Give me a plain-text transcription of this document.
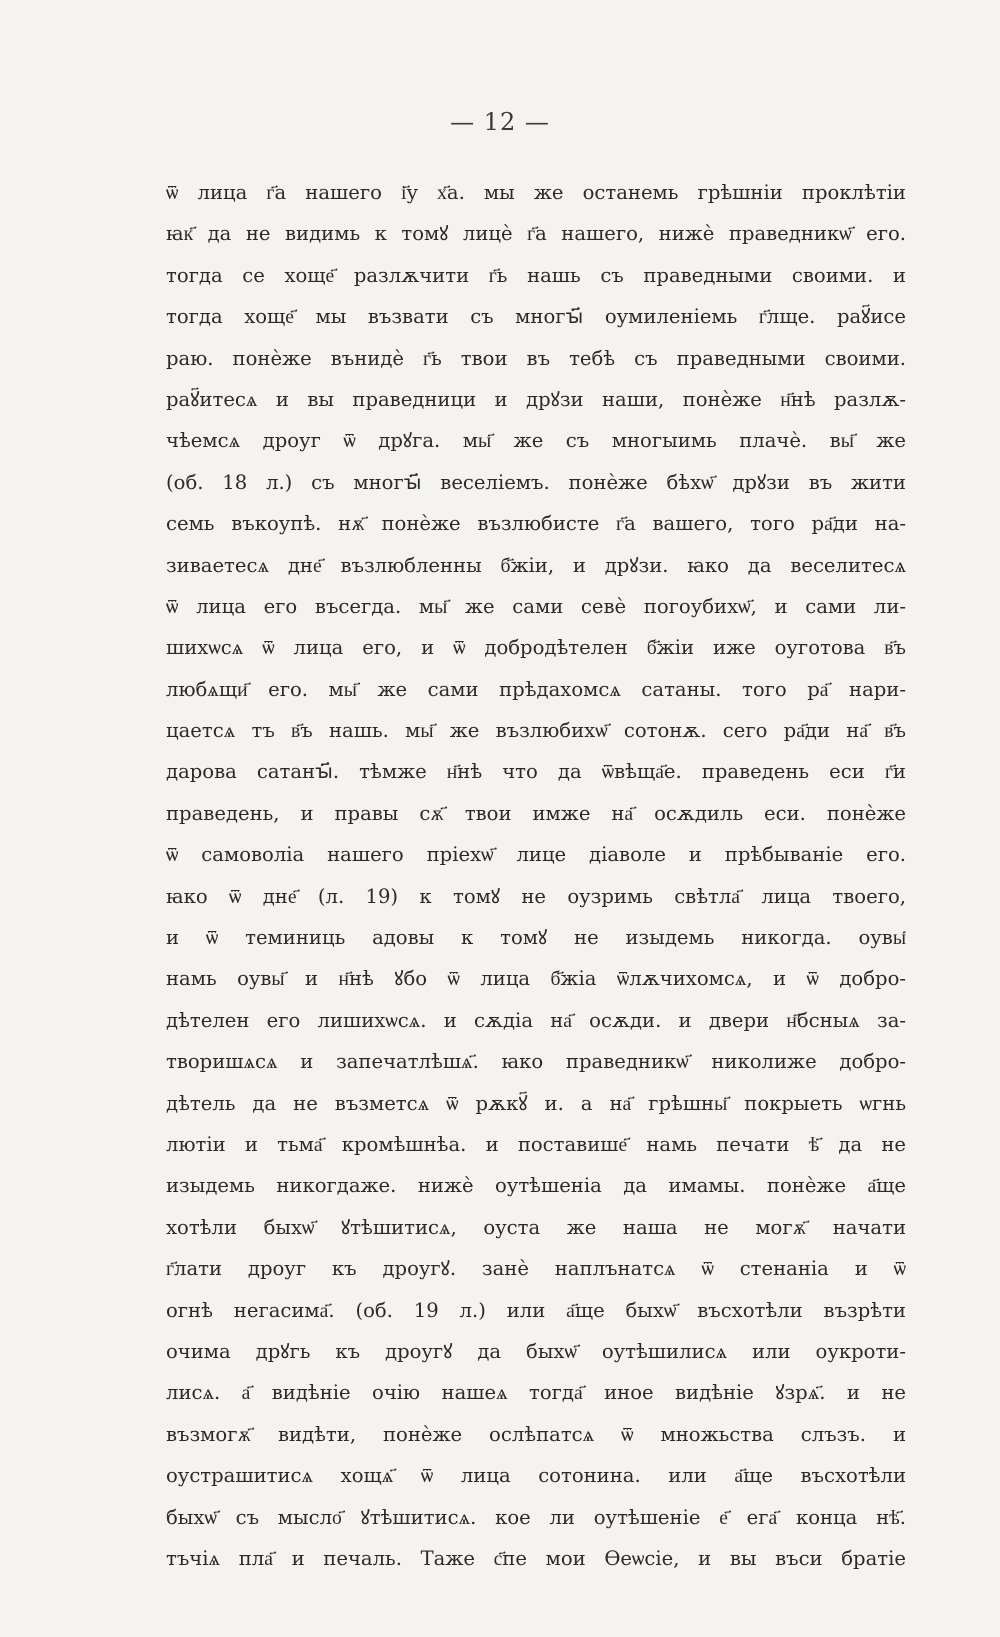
— 12 —
ѿ лица г҃а нашего і҃у х҃а. мы же останемь грѣшніи проклѣтіи
ꙗк҃ да не видимь к томꙋ лицѐ г҃а нашего, нижѐ праведникѡ҃ его.
тогда се хоще҃ разлѫчити г҃ь нашь съ праведными своими. и
тогда хоще҃ мы възвати съ многꙑ҃ оумиленіемь г҃лще. раꙋ҃исе
раю. понѐже вънидѐ г҃ь твои въ тебѣ съ праведными своими.
раꙋ҃итесѧ и вы праведници и дрꙋзи наши, понѐже н҃нѣ разлѫ-
чѣемсѧ дроуг ѿ дрꙋга. мы҃ же съ многыимь плачѐ. вы҃ же
(об. 18 л.) съ многꙑ҃ веселіемъ. понѐже бѣхѡ҃ дрꙋзи въ жити
семь въкоупѣ. нѫ҃ понѐже възлюбисте г҃а вашего, того ра҃ди на-
зиваетесѧ дне҃ възлюбленны б҃жіи, и дрꙋзи. ꙗко да веселитесѧ
ѿ лица его въсегда. мы҃ же сами севѐ погоубихѡ҃, и сами ли-
шихѡсѧ ѿ лица его, и ѿ добродѣтелен б҃жіи иже оуготова в҃ъ
любѧщи҃ его. мы҃ же сами прѣдахомсѧ сатаны. того ра҃ нари-
цаетсѧ тъ в҃ъ нашь. мы҃ же възлюбихѡ҃ сотонѫ. сего ра҃ди на҃ в҃ъ
дарова сатанꙑ҃. тѣмже н҃нѣ что да ѿвѣща҃е. праведень еси г҃и
праведень, и правы сѫ҃ твои имже на҃ осѫдиль еси. понѐже
ѿ самоволіа нашего пріехѡ҃ лице діаволе и прѣбываніе его.
ꙗко ѿ дне҃ (л. 19) к томꙋ не оузримь свѣтла҃ лица твоего,
и ѿ теминиць адовы к томꙋ не изыдемь никогда. оувы҃
намь оувы҃ и н҃нѣ ꙋбо ѿ лица б҃жіа ѿлѫчихомсѧ, и ѿ добро-
дѣтелен его лишихѡсѧ. и сѫдіа на҃ осѫди. и двери н҃бсныѧ за-
творишѧсѧ и запечатлѣшѧ҃. ꙗко праведникѡ҃ николиже добро-
дѣтель да не възметсѧ ѿ рѫкꙋ҃ и. а на҃ грѣшны҃ покрыеть ѡгнь
лютіи и тьма҃ кромѣшнѣа. и поставише҃ намь печати ѣ҃ да не
изыдемь никогдаже. нижѐ оутѣшеніа да имамы. понѐже а҃ще
хотѣли быхѡ҃ ꙋтѣшитисѧ, оуста же наша не могѫ҃ начати
г҃лати дроуг къ дроугꙋ. занѐ наплънатсѧ ѿ стенаніа и ѿ
огнѣ негасима҃. (об. 19 л.) или а҃ще быхѡ҃ въсхотѣли възрѣти
очима дрꙋгь къ дроугꙋ да быхѡ҃ оутѣшилисѧ или оукроти-
лисѧ. а҃ видѣніе очію нашеѧ тогда҃ иное видѣніе ꙋзрѧ҃. и не
възмогѫ҃ видѣти, понѐже ослѣпатсѧ ѿ множьства слъзъ. и
оустрашитисѧ хощѧ҃ ѿ лица сотонина. или а҃ще въсхотѣли
быхѡ҃ съ мысло҃ ꙋтѣшитисѧ. кое ли оутѣшеніе е҃ ега҃ конца нѣ҃.
тъчіѧ пла҃ и печаль. Таже с҃пе мои Ѳеѡсіе, и вы въси братіе
